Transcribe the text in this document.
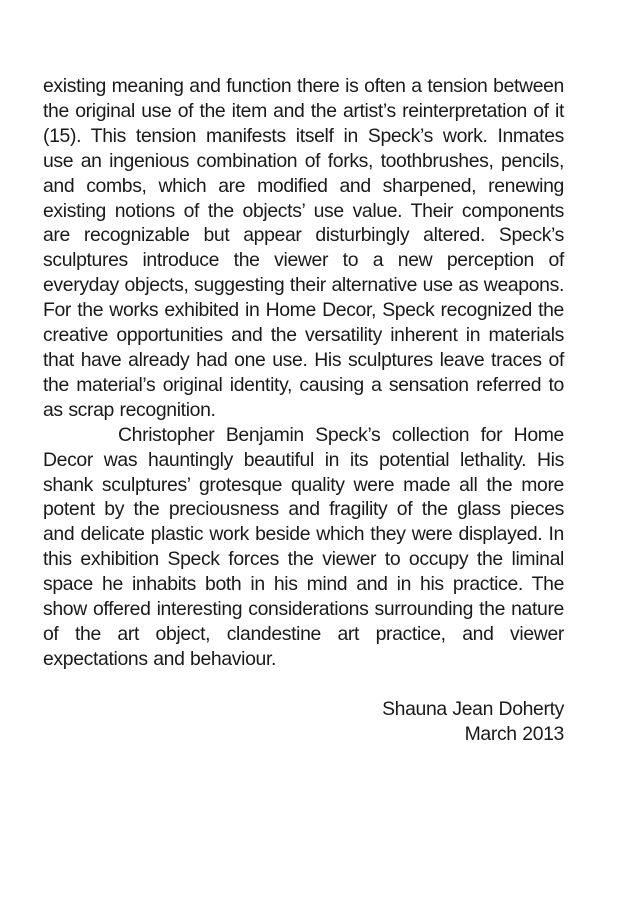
existing meaning and function there is often a tension between the original use of the item and the artist’s reinterpretation of it (15). This tension manifests itself in Speck’s work. Inmates use an ingenious combination of forks, toothbrushes, pencils, and combs, which are modified and sharpened, renewing existing notions of the objects’ use value. Their components are recognizable but appear disturbingly altered. Speck’s sculptures introduce the viewer to a new perception of everyday objects, suggesting their alternative use as weapons. For the works exhibited in Home Decor, Speck recognized the creative opportunities and the versatility inherent in materials that have already had one use. His sculptures leave traces of the material’s original identity, causing a sensation referred to as scrap recognition.

Christopher Benjamin Speck’s collection for Home Decor was hauntingly beautiful in its potential lethality. His shank sculptures’ grotesque quality were made all the more potent by the preciousness and fragility of the glass pieces and delicate plastic work beside which they were displayed. In this exhibition Speck forces the viewer to occupy the liminal space he inhabits both in his mind and in his practice. The show offered interesting considerations surrounding the nature of the art object, clandestine art practice, and viewer expectations and behaviour.

Shauna Jean Doherty
March 2013
